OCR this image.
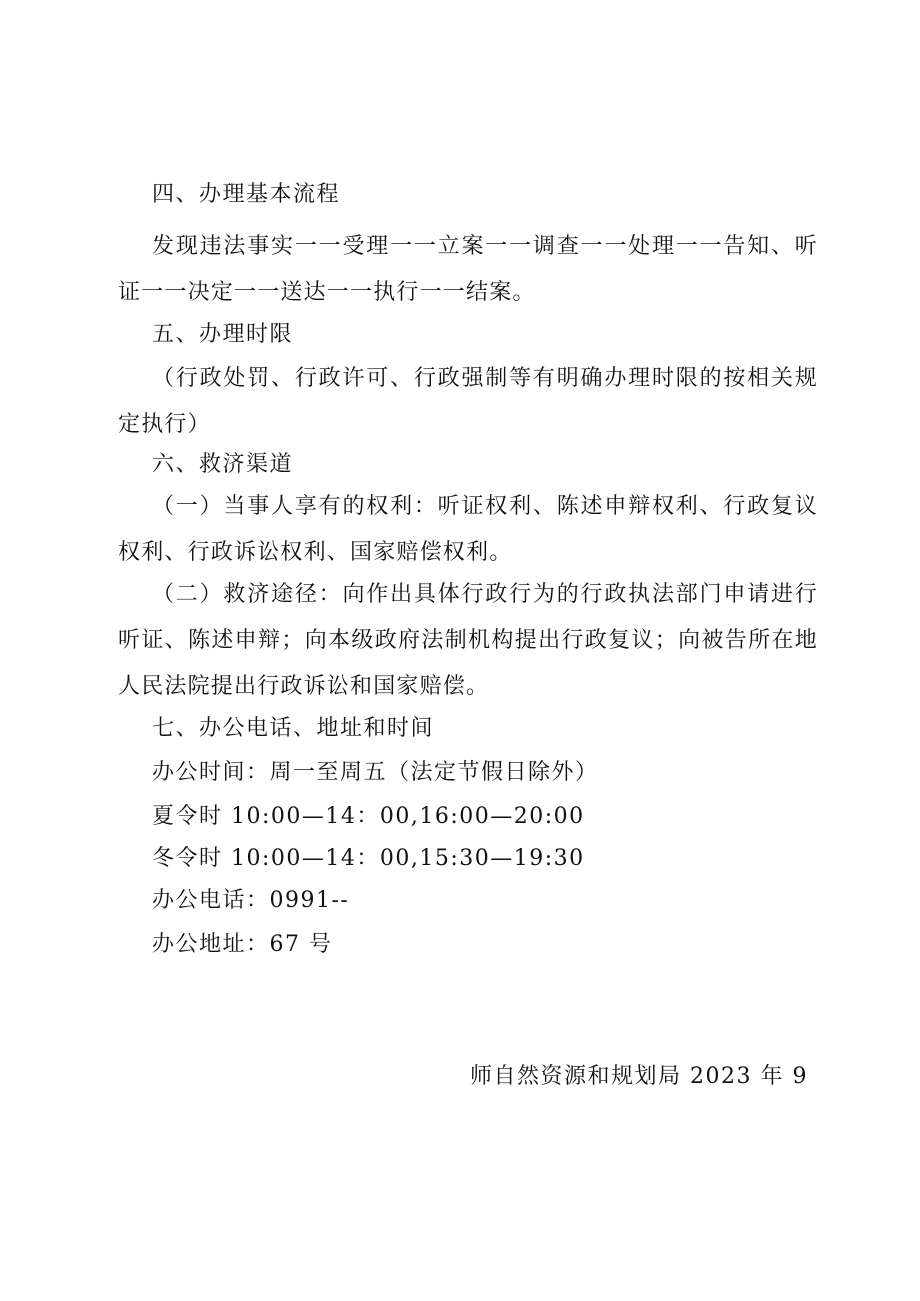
四、办理基本流程
发现违法事实一一受理一一立案一一调查一一处理一一告知、听证一一决定一一送达一一执行一一结案。
五、办理时限
（行政处罚、行政许可、行政强制等有明确办理时限的按相关规定执行）
六、救济渠道
（一）当事人享有的权利：听证权利、陈述申辩权利、行政复议权利、行政诉讼权利、国家赔偿权利。
（二）救济途径：向作出具体行政行为的行政执法部门申请进行听证、陈述申辩；向本级政府法制机构提出行政复议；向被告所在地人民法院提出行政诉讼和国家赔偿。
七、办公电话、地址和时间
办公时间：周一至周五（法定节假日除外）
夏令时 10:00—14：00,16:00—20:00
冬令时 10:00—14：00,15:30—19:30
办公电话：0991--
办公地址：67 号
师自然资源和规划局 2023 年 9
